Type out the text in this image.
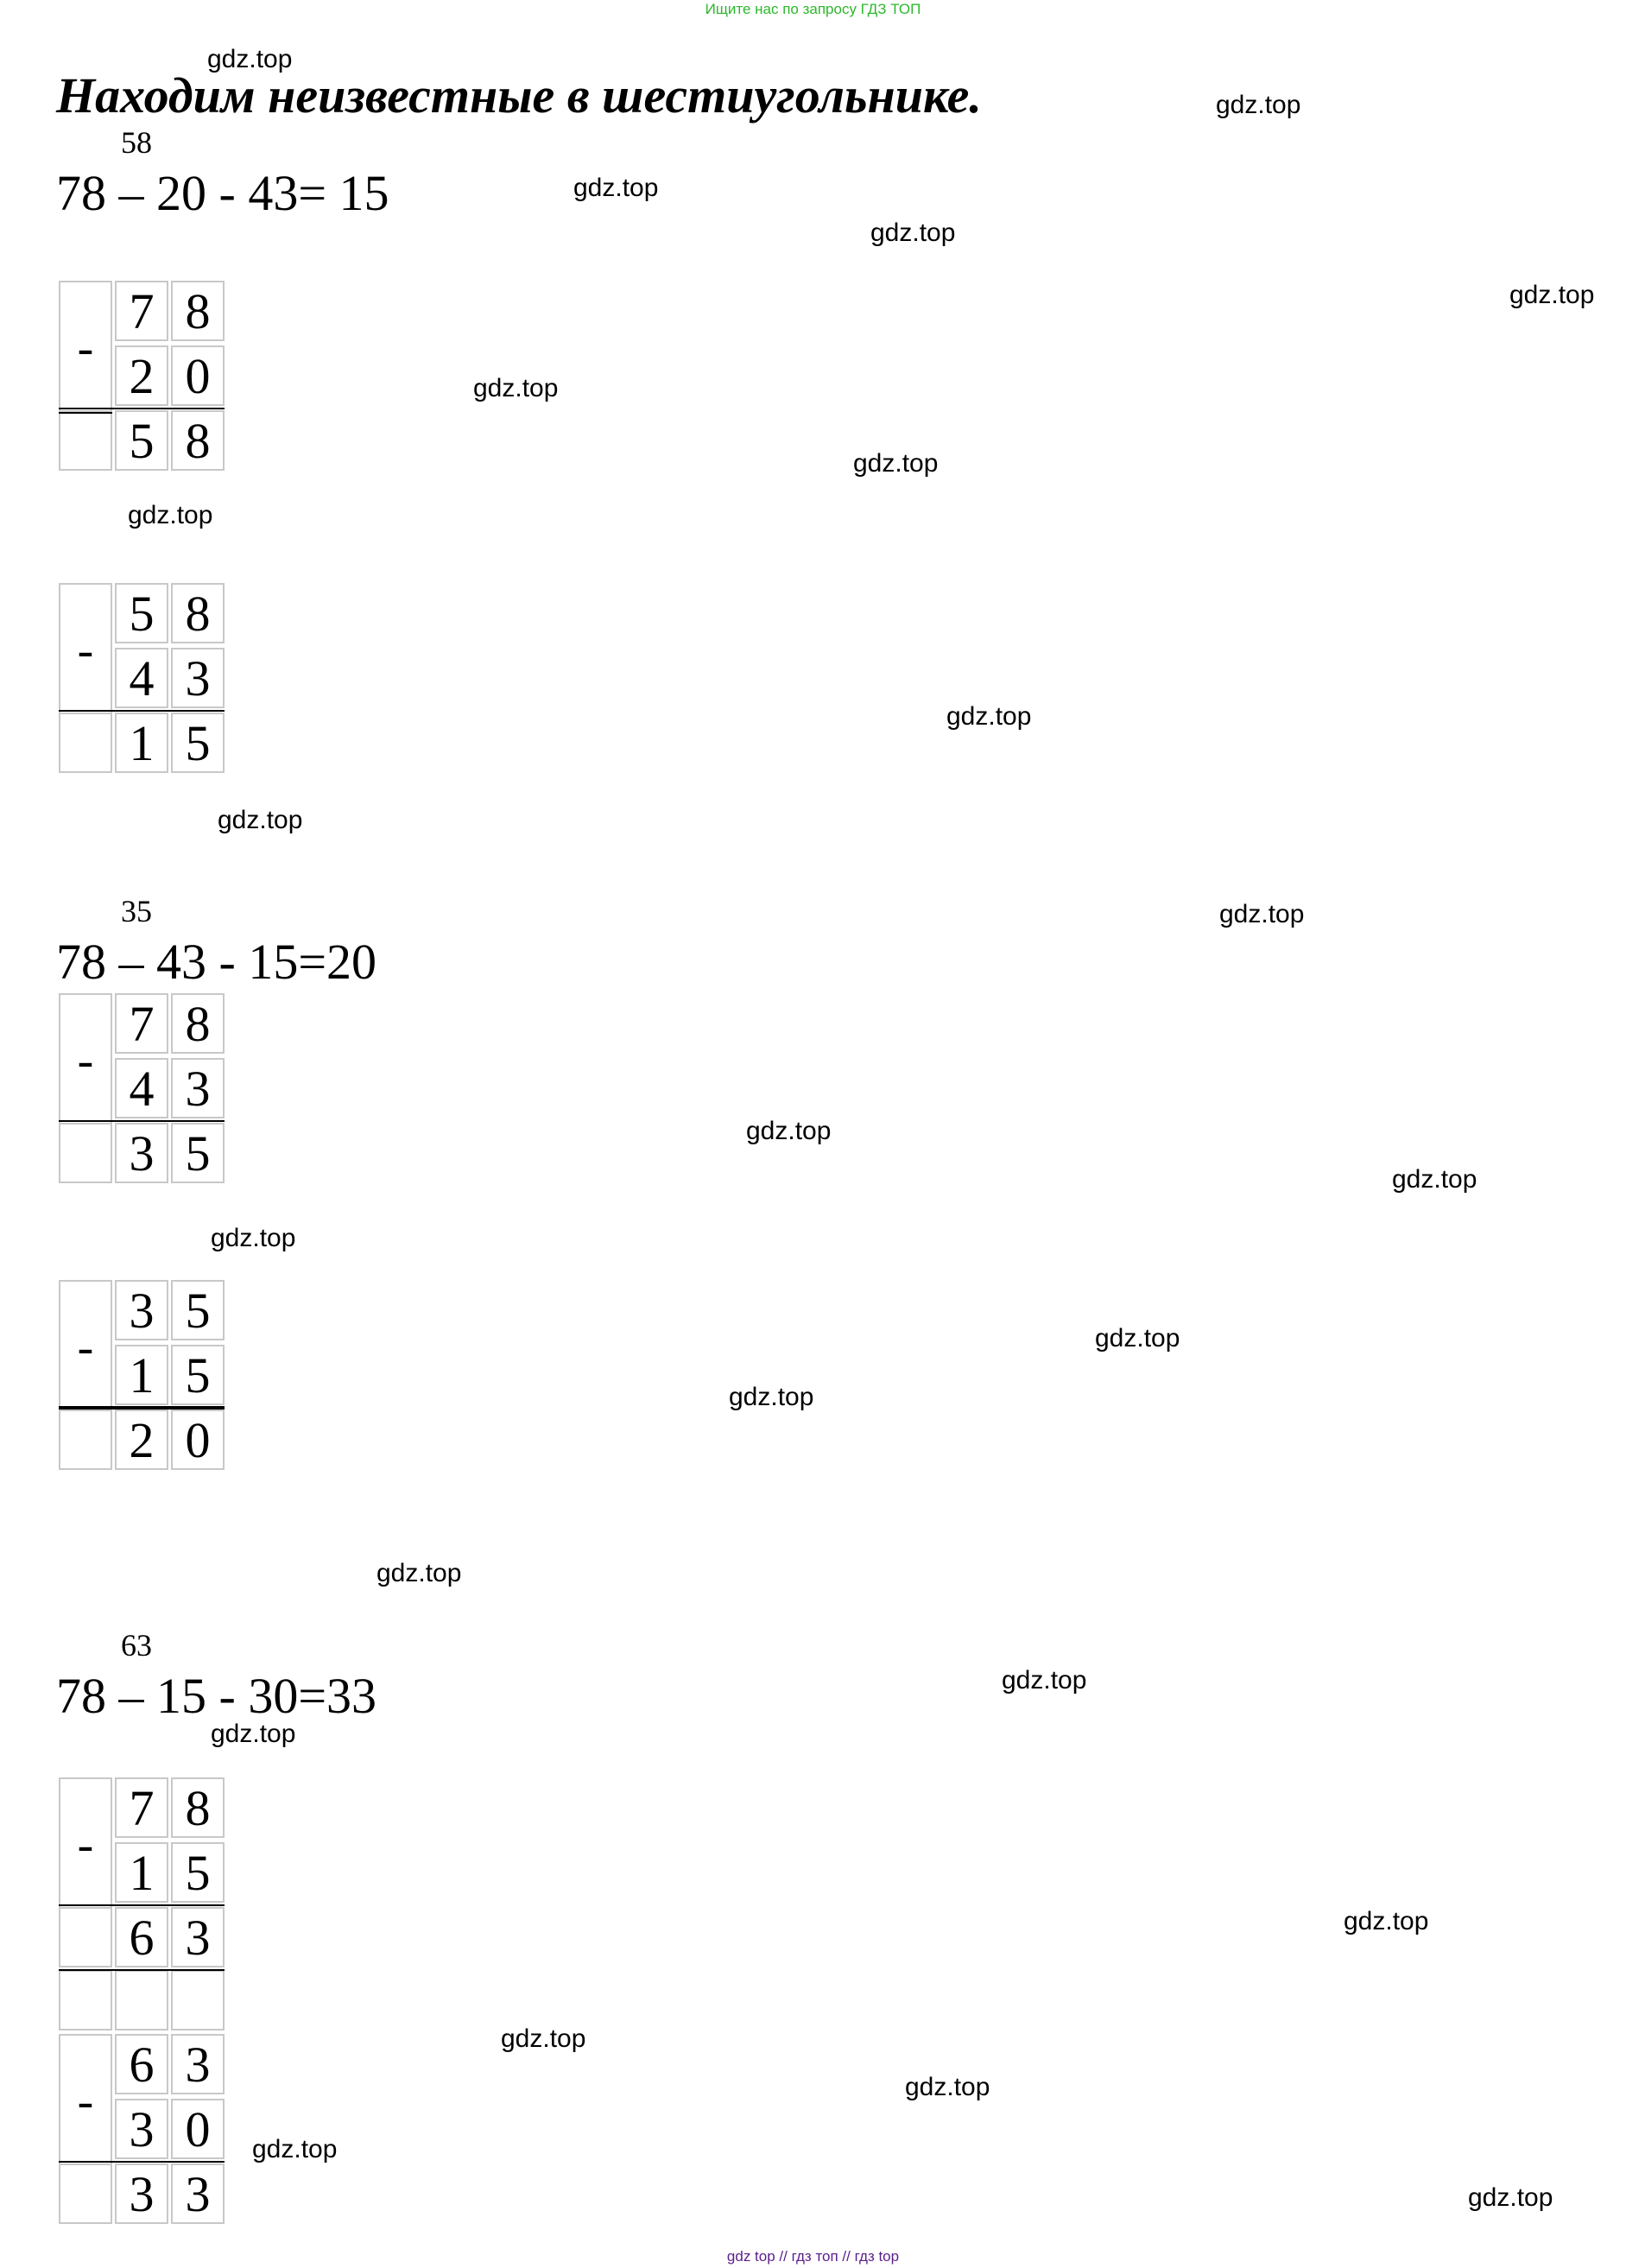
Ищите нас по запросу ГДЗ ТОП
Находим неизвестные в шестиугольнике.
58
78 – 20 - 43= 15
-
7 8
2 0
5 8
-
5 8
4 3
1 5
35
78 – 43 - 15=20
-
7 8
4 3
3 5
-
3 5
1 5
2 0
63
78 – 15 - 30=33
-
7 8
1 5
6 3
-
6 3
3 0
3 3
gdz.top
gdz.top
gdz.top
gdz.top
gdz.top
gdz.top
gdz.top
gdz.top
gdz.top
gdz.top
gdz.top
gdz.top
gdz.top
gdz.top
gdz.top
gdz.top
gdz.top
gdz.top
gdz.top
gdz.top
gdz.top
gdz.top
gdz.top
gdz.top
gdz top // гдз топ // гдз top
